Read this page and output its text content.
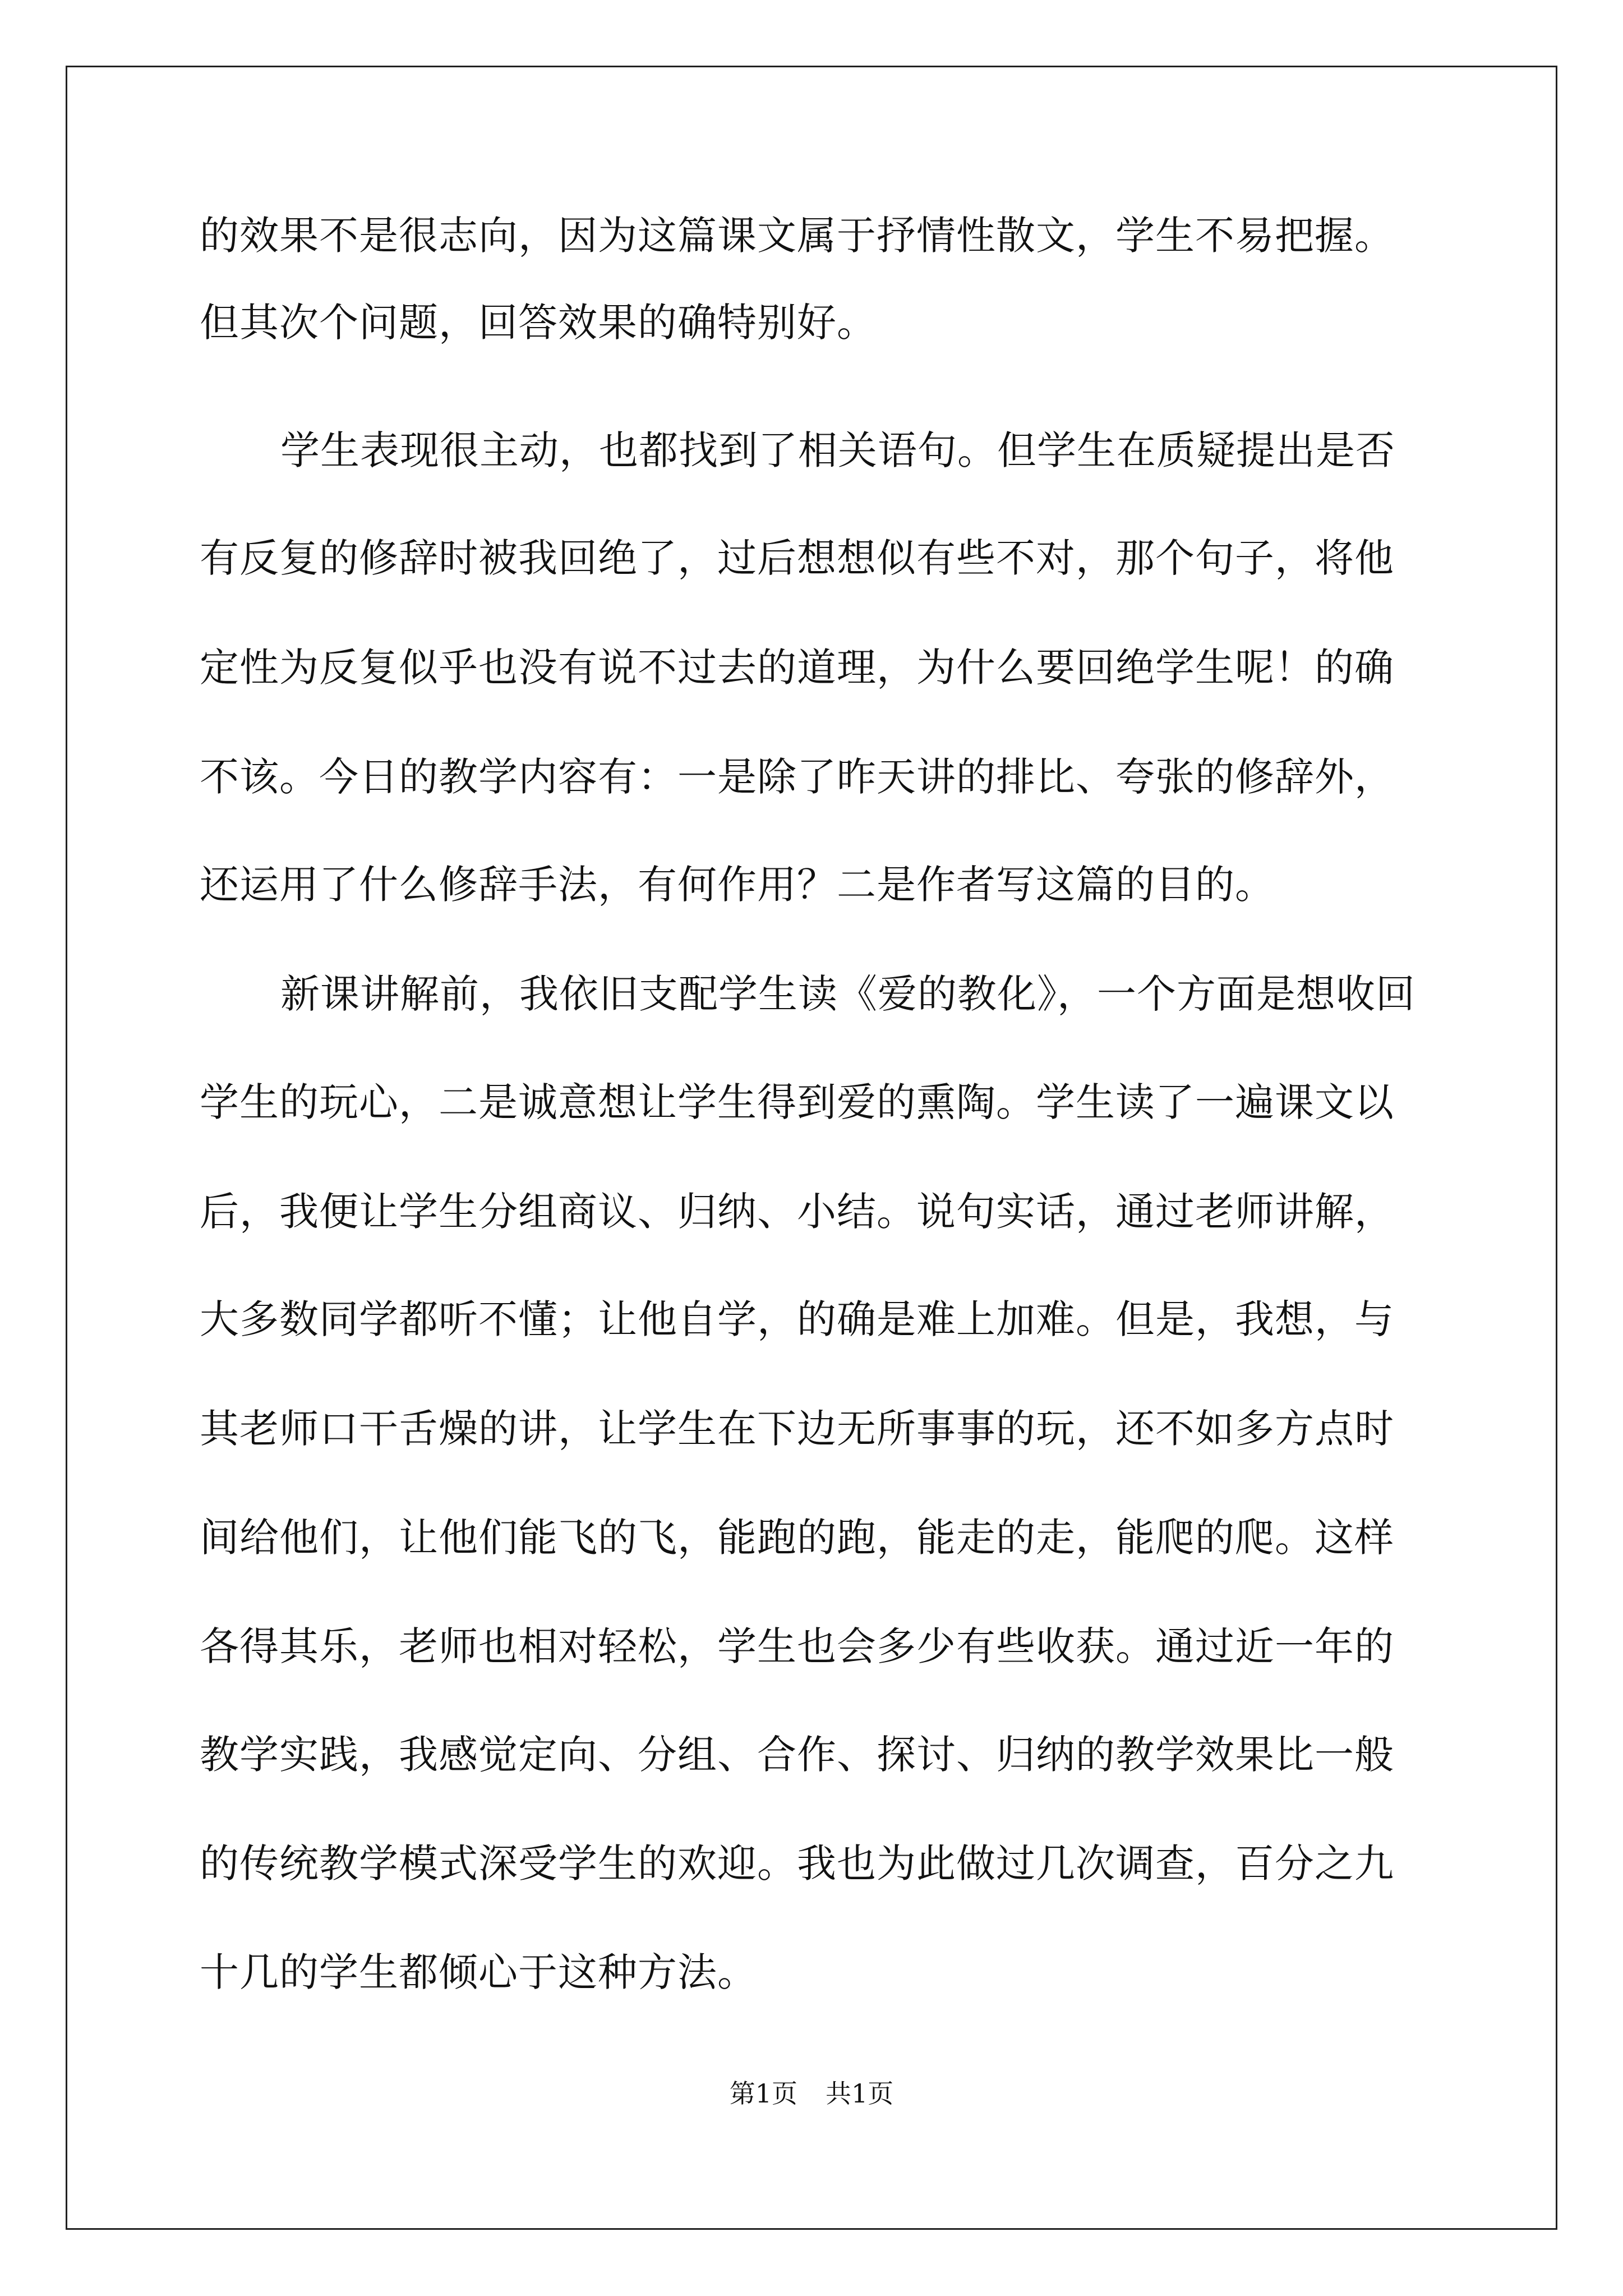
的效果不是很志向，因为这篇课文属于抒情性散文，学生不易把握。
但其次个问题，回答效果的确特别好。
学生表现很主动，也都找到了相关语句。但学生在质疑提出是否
有反复的修辞时被我回绝了，过后想想似有些不对，那个句子，将他
定性为反复似乎也没有说不过去的道理，为什么要回绝学生呢！的确
不该。今日的教学内容有：一是除了昨天讲的排比、夸张的修辞外，
还运用了什么修辞手法，有何作用？二是作者写这篇的目的。
新课讲解前，我依旧支配学生读《爱的教化》，一个方面是想收回
学生的玩心，二是诚意想让学生得到爱的熏陶。学生读了一遍课文以
后，我便让学生分组商议、归纳、小结。说句实话，通过老师讲解，
大多数同学都听不懂；让他自学，的确是难上加难。但是，我想，与
其老师口干舌燥的讲，让学生在下边无所事事的玩，还不如多方点时
间给他们，让他们能飞的飞，能跑的跑，能走的走，能爬的爬。这样
各得其乐，老师也相对轻松，学生也会多少有些收获。通过近一年的
教学实践，我感觉定向、分组、合作、探讨、归纳的教学效果比一般
的传统教学模式深受学生的欢迎。我也为此做过几次调查，百分之九
十几的学生都倾心于这种方法。
第1页 共1页
